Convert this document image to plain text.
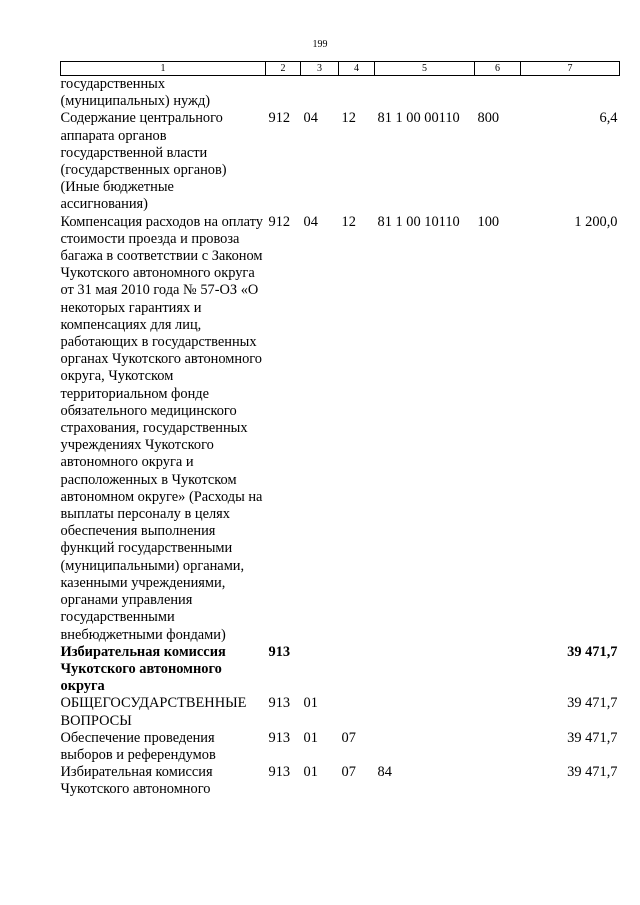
199
1	2	3	4	5	6	7
государственных (муниципальных) нужд)						
Содержание центрального аппарата органов государственной власти (государственных органов) (Иные бюджетные ассигнования)	912	04	12	81 1 00 00110	800	6,4
Компенсация расходов на оплату стоимости проезда и провоза багажа в соответствии с Законом Чукотского автономного округа от 31 мая 2010 года № 57-ОЗ «О некоторых гарантиях и компенсациях для лиц, работающих в государственных органах Чукотского автономного округа, Чукотском территориальном фонде обязательного медицинского страхования, государственных учреждениях Чукотского автономного округа и расположенных в Чукотском автономном округе» (Расходы на выплаты персоналу в целях обеспечения выполнения функций государственными (муниципальными) органами, казенными учреждениями, органами управления государственными внебюджетными фондами)	912	04	12	81 1 00 10110	100	1 200,0
Избирательная комиссия Чукотского автономного округа	913					39 471,7
ОБЩЕГОСУДАРСТВЕННЫЕ ВОПРОСЫ	913	01				39 471,7
Обеспечение проведения выборов и референдумов	913	01	07			39 471,7
Избирательная комиссия Чукотского автономного	913	01	07	84		39 471,7
